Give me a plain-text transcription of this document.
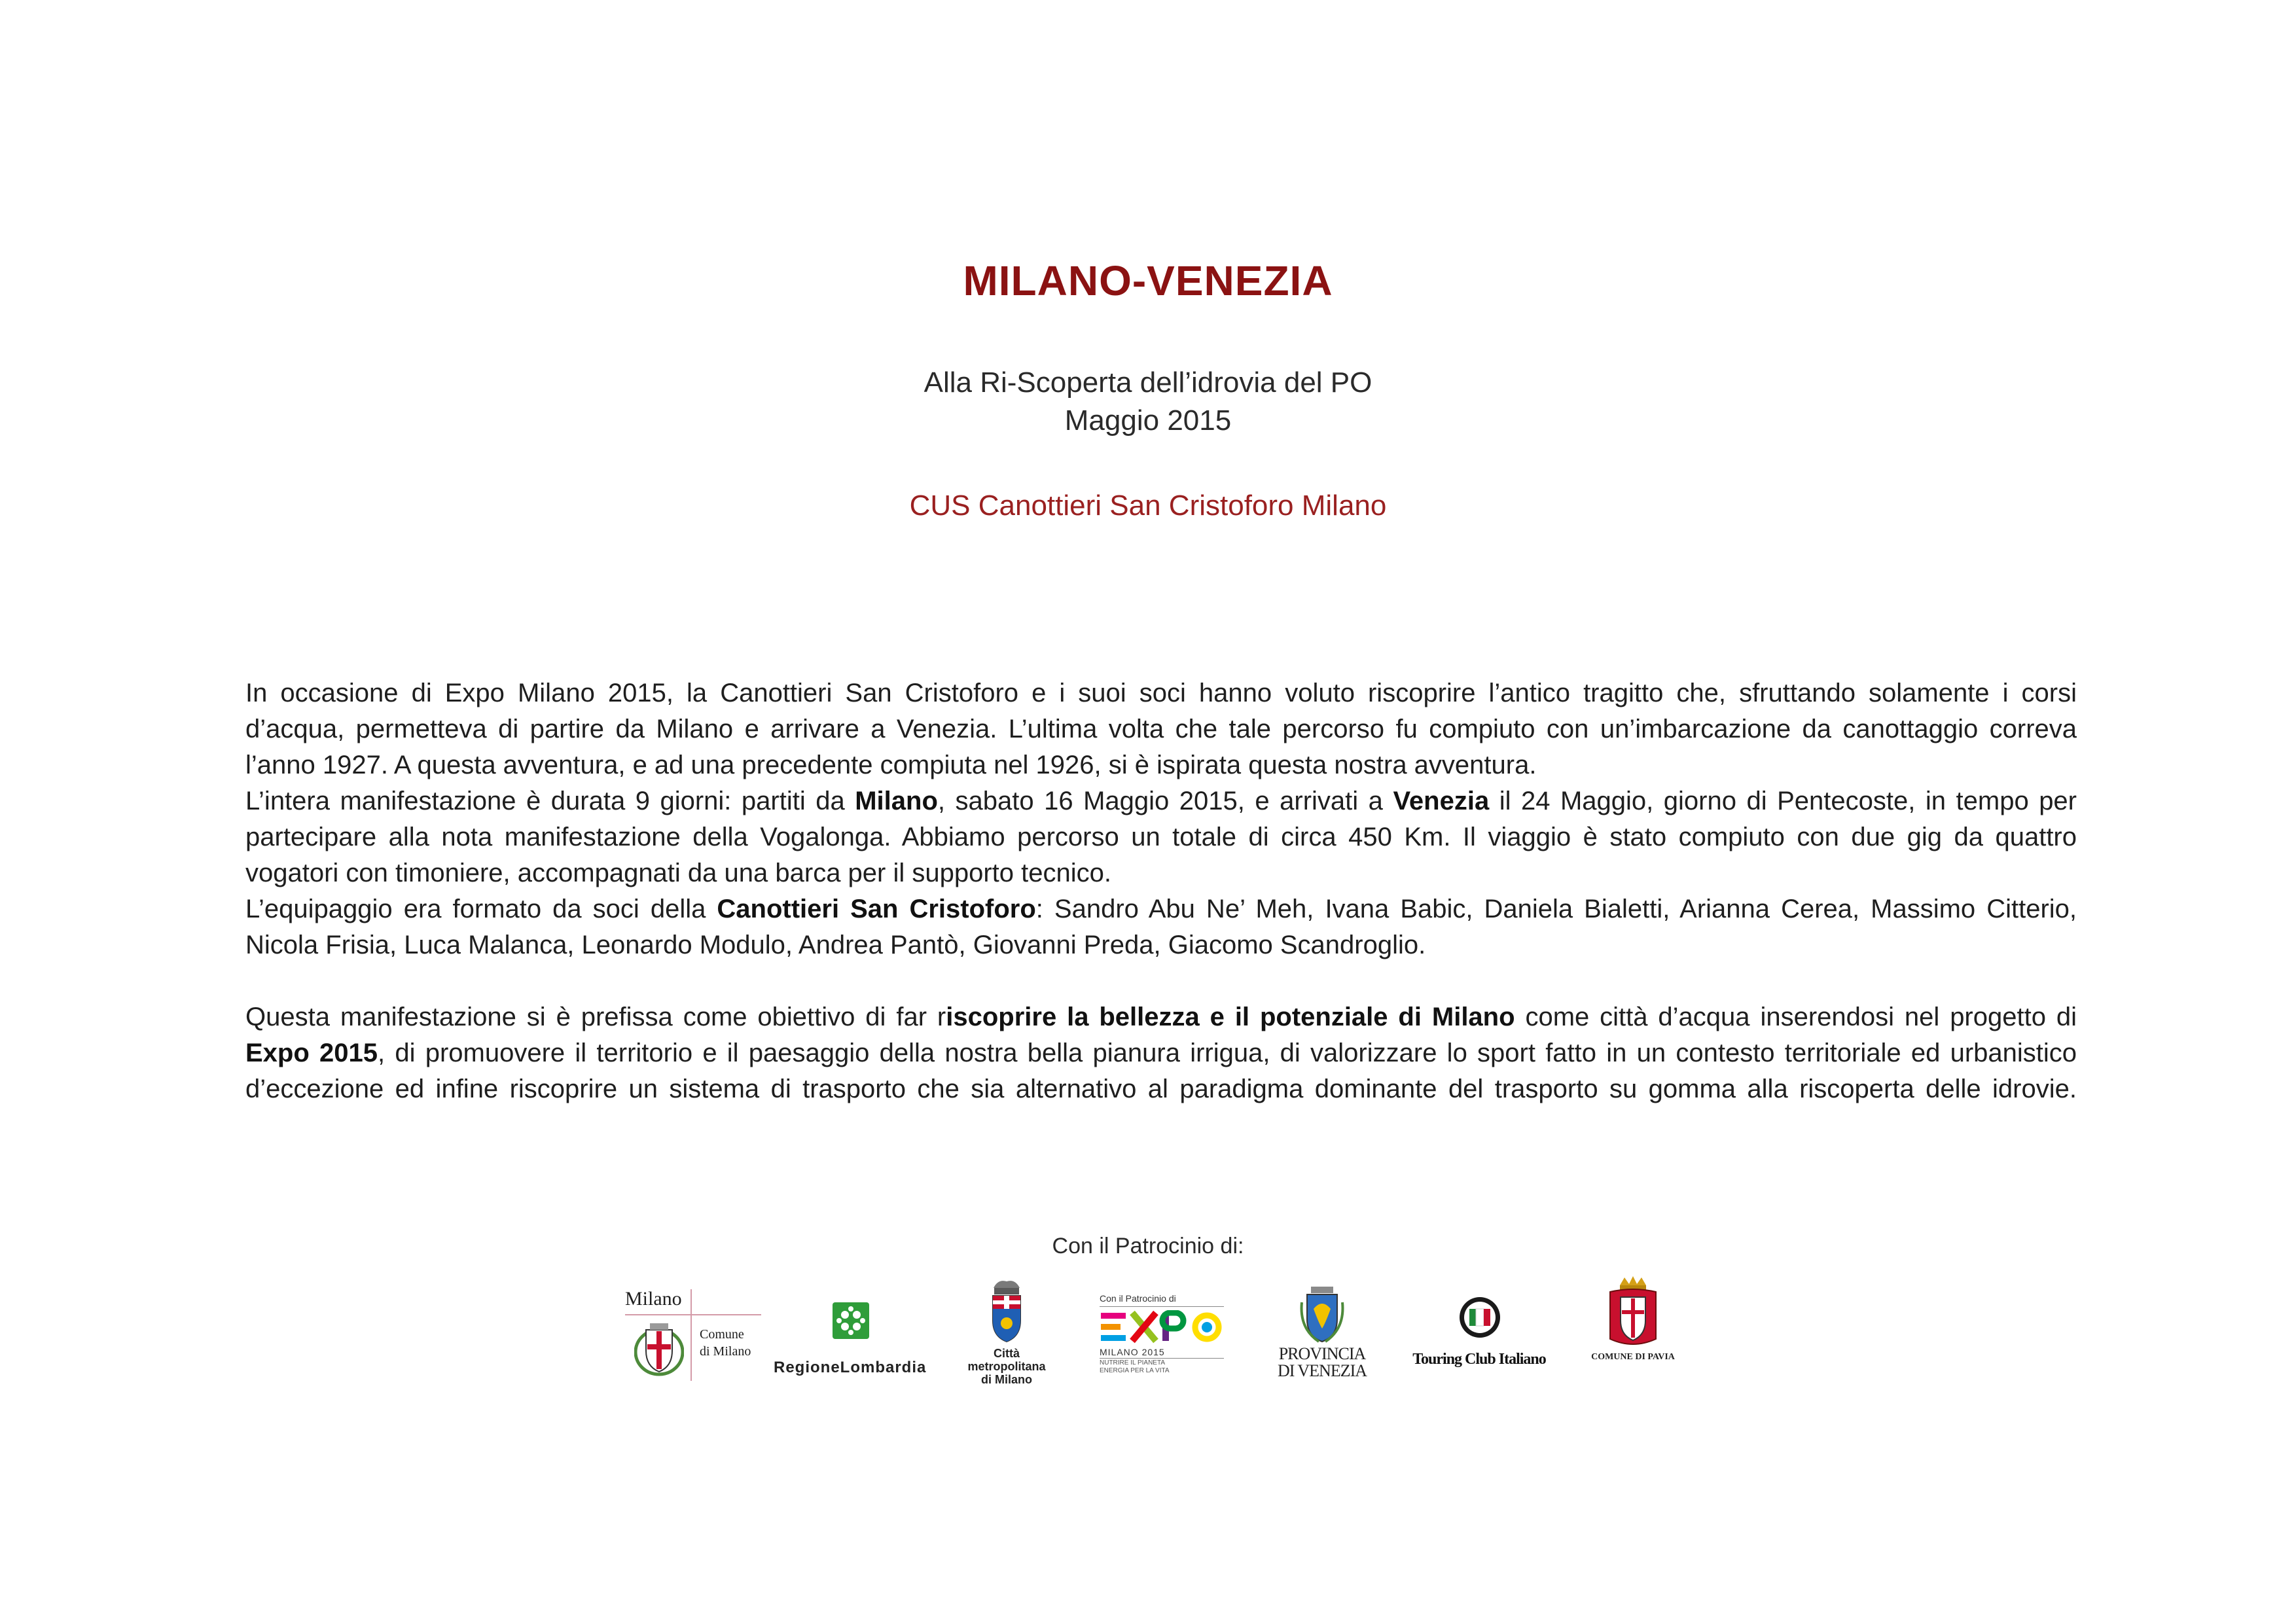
MILANO-VENEZIA
Alla Ri-Scoperta dell’idrovia del PO
Maggio 2015
CUS Canottieri San Cristoforo Milano

In occasione di Expo Milano 2015, la Canottieri San Cristoforo e i suoi soci hanno voluto riscoprire l’antico tragitto che, sfruttando solamente i corsi

d’acqua, permetteva di partire da Milano e arrivare a Venezia. L’ultima volta che tale percorso fu compiuto con un’imbarcazione da canottaggio correva

l’anno 1927. A questa avventura, e ad una precedente compiuta nel 1926, si è ispirata questa nostra avventura.

L’intera manifestazione è durata 9 giorni: partiti da Milano, sabato 16 Maggio 2015, e arrivati a Venezia il 24 Maggio, giorno di Pentecoste, in tempo per

partecipare alla nota manifestazione della Vogalonga. Abbiamo percorso un totale di circa 450 Km. Il viaggio è stato compiuto con due gig da quattro

vogatori con timoniere, accompagnati da una barca per il supporto tecnico.

L’equipaggio era formato da soci della Canottieri San Cristoforo: Sandro Abu Ne’ Meh, Ivana Babic, Daniela Bialetti, Arianna Cerea, Massimo Citterio,

Nicola Frisia, Luca Malanca, Leonardo Modulo, Andrea Pantò, Giovanni Preda, Giacomo Scandroglio.

Questa manifestazione si è prefissa come obiettivo di far riscoprire la bellezza e il potenziale di Milano come città d’acqua inserendosi nel progetto di

Expo 2015, di promuovere il territorio e il paesaggio della nostra bella pianura irrigua, di valorizzare lo sport fatto in un contesto territoriale ed urbanistico

d’eccezione ed infine riscoprire un sistema di trasporto che sia alternativo al paradigma dominante del trasporto su gomma alla riscoperta delle idrovie.

Con il Patrocinio di:
Milano
Comune
di Milano
RegioneLombardia
Città
metropolitana
di Milano
Con il Patrocinio di
MILANO 2015
NUTRIRE IL PIANETA
ENERGIA PER LA VITA
PROVINCIA
DI VENEZIA
Touring Club Italiano	COMUNE DI PAVIA
